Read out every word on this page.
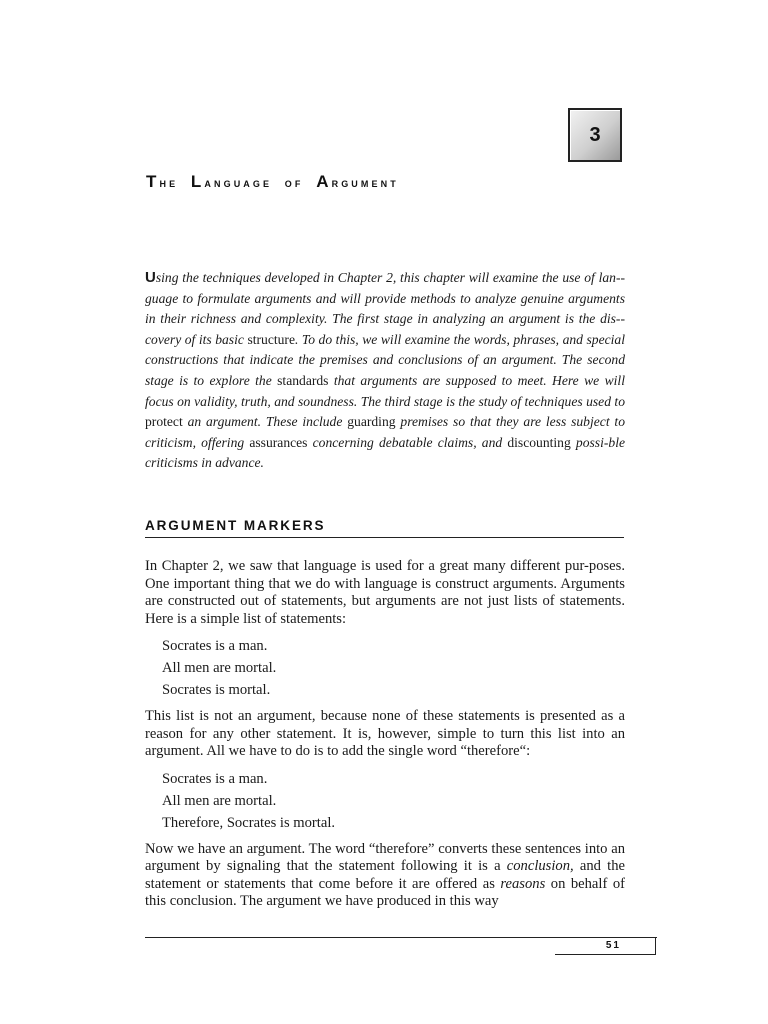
3
The Language of Argument

Using the techniques developed in Chapter 2, this chapter will examine the use of lan-guage to formulate arguments and will provide methods to analyze genuine arguments in their richness and complexity. The first stage in analyzing an argument is the dis-covery of its basic structure. To do this, we will examine the words, phrases, and special constructions that indicate the premises and conclusions of an argument. The second stage is to explore the standards that arguments are supposed to meet. Here we will focus on validity, truth, and soundness. The third stage is the study of techniques used to protect an argument. These include guarding premises so that they are less subject to criticism, offering assurances concerning debatable claims, and discounting possi-ble criticisms in advance.

ARGUMENT MARKERS

In Chapter 2, we saw that language is used for a great many different pur-poses. One important thing that we do with language is construct arguments. Arguments are constructed out of statements, but arguments are not just lists of statements. Here is a simple list of statements:

Socrates is a man.
All men are mortal.
Socrates is mortal.

This list is not an argument, because none of these statements is presented as a reason for any other statement. It is, however, simple to turn this list into an argument. All we have to do is to add the single word “therefore“:

Socrates is a man.
All men are mortal.
Therefore, Socrates is mortal.

Now we have an argument. The word “therefore” converts these sentences into an argument by signaling that the statement following it is a conclusion, and the statement or statements that come before it are offered as reasons on behalf of this conclusion. The argument we have produced in this way

51
